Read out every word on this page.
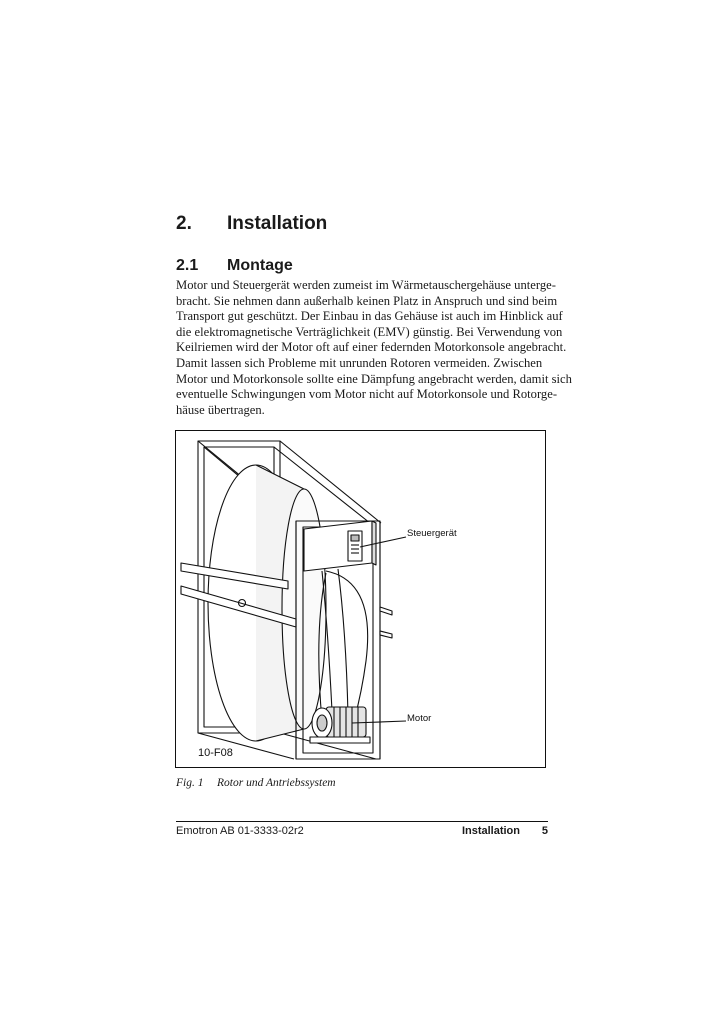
2. Installation
2.1 Montage
Motor und Steuergerät werden zumeist im Wärmetauschergehäuse unterge-
bracht. Sie nehmen dann außerhalb keinen Platz in Anspruch und sind beim
Transport gut geschützt. Der Einbau in das Gehäuse ist auch im Hinblick auf
die elektromagnetische Verträglichkeit (EMV) günstig. Bei Verwendung von
Keilriemen wird der Motor oft auf einer federnden Motorkonsole angebracht.
Damit lassen sich Probleme mit unrunden Rotoren vermeiden. Zwischen
Motor und Motorkonsole sollte eine Dämpfung angebracht werden, damit sich
eventuelle Schwingungen vom Motor nicht auf Motorkonsole und Rotorge-
häuse übertragen.
Steuergerät
Motor
10-F08
Fig. 1 Rotor und Antriebssystem
Emotron AB 01-3333-02r2	Installation 5
